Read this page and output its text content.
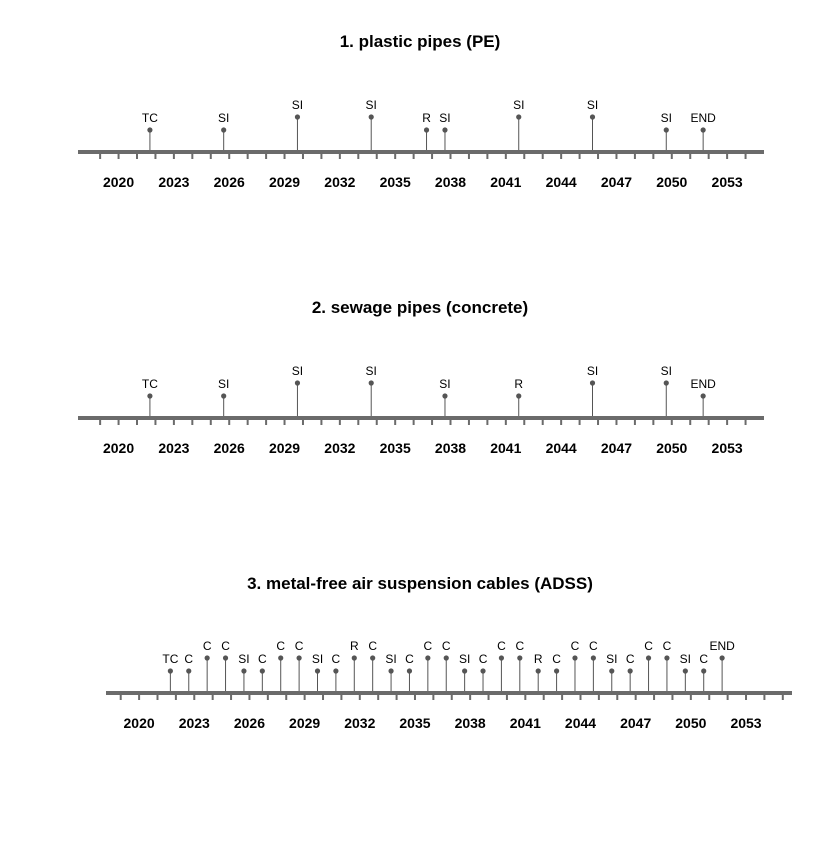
1. plastic pipes (PE)
2020 2023 2026 2029 2032 2035 2038 2041 2044 2047 2050 2053
TC	SI
SI	SI
R SI
SI	SI
SI END
2. sewage pipes (concrete)
2020 2023 2026 2029 2032 2035 2038 2041 2044 2047 2050 2053
TC	SI
SI	SI
SI	R
SI	SI
END
3. metal-free air suspension cables (ADSS)
2020 2023 2026 2029 2032 2035 2038 2041 2044 2047 2050 2053
TC C
C C
SI C
C C
SI C
R C
SI C
C C
SI C
C C
R C
C C
SI C
C C
SI C
END
